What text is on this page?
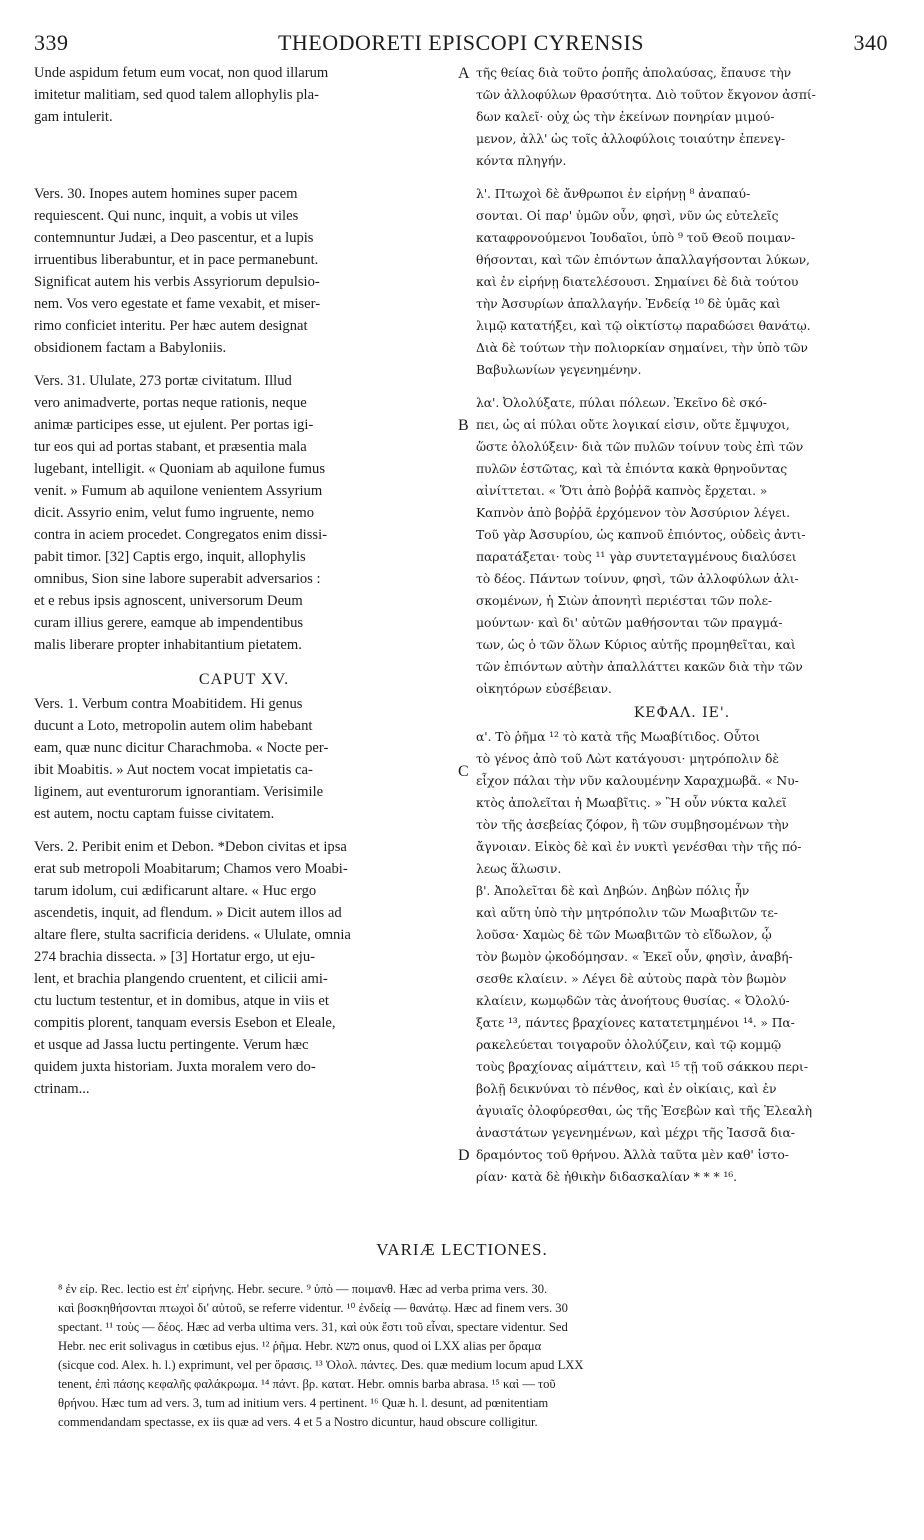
339	THEODORETI EPISCOPI CYRENSIS	340
A
B
C
D
Unde aspidum fetum eum vocat, non quod illarum
imitetur malitiam, sed quod talem allophylis pla-
gam intulerit.
Vers. 30. Inopes autem homines super pacem
requiescent. Qui nunc, inquit, a vobis ut viles
contemnuntur Judæi, a Deo pascentur, et a lupis
irruentibus liberabuntur, et in pace permanebunt.
Significat autem his verbis Assyriorum depulsio-
nem. Vos vero egestate et fame vexabit, et miser-
rimo conficiet interitu. Per hæc autem designat
obsidionem factam a Babyloniis.
Vers. 31. Ululate, 273 portæ civitatum. Illud
vero animadverte, portas neque rationis, neque
animæ participes esse, ut ejulent. Per portas igi-
tur eos qui ad portas stabant, et præsentia mala
lugebant, intelligit. « Quoniam ab aquilone fumus
venit. » Fumum ab aquilone venientem Assyrium
dicit. Assyrio enim, velut fumo ingruente, nemo
contra in aciem procedet. Congregatos enim dissi-
pabit timor. [32] Captis ergo, inquit, allophylis
omnibus, Sion sine labore superabit adversarios :
et e rebus ipsis agnoscent, universorum Deum
curam illius gerere, eamque ab impendentibus
malis liberare propter inhabitantium pietatem.
CAPUT XV.
Vers. 1. Verbum contra Moabitidem. Hi genus
ducunt a Loto, metropolin autem olim habebant
eam, quæ nunc dicitur Charachmoba. « Nocte per-
ibit Moabitis. » Aut noctem vocat impietatis ca-
liginem, aut eventurorum ignorantiam. Verisimile
est autem, noctu captam fuisse civitatem.
Vers. 2. Peribit enim et Debon. *Debon civitas et ipsa
erat sub metropoli Moabitarum; Chamos vero Moabi-
tarum idolum, cui ædificarunt altare. « Huc ergo
ascendetis, inquit, ad flendum. » Dicit autem illos ad
altare flere, stulta sacrificia deridens. « Ululate, omnia
274 brachia dissecta. » [3] Hortatur ergo, ut eju-
lent, et brachia plangendo cruentent, et cilicii ami-
ctu luctum testentur, et in domibus, atque in viis et
compitis plorent, tanquam eversis Esebon et Eleale,
et usque ad Jassa luctu pertingente. Verum hæc
quidem juxta historiam. Juxta moralem vero do-
ctrinam...
τῆς θείας διὰ τοῦτο ῥοπῆς ἀπολαύσας, ἔπαυσε τὴν
τῶν ἀλλοφύλων θρασύτητα. Διὸ τοῦτον ἔκγονον ἀσπί-
δων καλεῖ· οὐχ ὡς τὴν ἐκείνων πονηρίαν μιμού-
μενον, ἀλλ' ὡς τοῖς ἀλλοφύλοις τοιαύτην ἐπενεγ-
κόντα πληγήν.
λ'. Πτωχοὶ δὲ ἄνθρωποι ἐν εἰρήνῃ ⁸ ἀναπαύ-
σονται. Οἱ παρ' ὑμῶν οὖν, φησὶ, νῦν ὡς εὐτελεῖς
καταφρονούμενοι Ἰουδαῖοι, ὑπὸ ⁹ τοῦ Θεοῦ ποιμαν-
θήσονται, καὶ τῶν ἐπιόντων ἀπαλλαγήσονται λύκων,
καὶ ἐν εἰρήνῃ διατελέσουσι. Σημαίνει δὲ διὰ τούτου
τὴν Ἀσσυρίων ἀπαλλαγήν. Ἐνδείᾳ ¹⁰ δὲ ὑμᾶς καὶ
λιμῷ κατατήξει, καὶ τῷ οἰκτίστῳ παραδώσει θανάτῳ.
Διὰ δὲ τούτων τὴν πολιορκίαν σημαίνει, τὴν ὑπὸ τῶν
Βαβυλωνίων γεγενημένην.
λα'. Ὀλολύξατε, πύλαι πόλεων. Ἐκεῖνο δὲ σκό-
πει, ὡς αἱ πύλαι οὔτε λογικαί εἰσιν, οὔτε ἔμψυχοι,
ὥστε ὀλολύξειν· διὰ τῶν πυλῶν τοίνυν τοὺς ἐπὶ τῶν
πυλῶν ἑστῶτας, καὶ τὰ ἐπιόντα κακὰ θρηνοῦντας
αἰνίττεται. « Ὅτι ἀπὸ βοῤῥᾶ καπνὸς ἔρχεται. »
Καπνὸν ἀπὸ βοῤῥᾶ ἐρχόμενον τὸν Ἀσσύριον λέγει.
Τοῦ γὰρ Ἀσσυρίου, ὡς καπνοῦ ἐπιόντος, οὐδεὶς ἀντι-
παρατάξεται· τοὺς ¹¹ γὰρ συντεταγμένους διαλύσει
τὸ δέος. Πάντων τοίνυν, φησὶ, τῶν ἀλλοφύλων ἁλι-
σκομένων, ἡ Σιὼν ἀπονητὶ περιέσται τῶν πολε-
μούντων· καὶ δι' αὐτῶν μαθήσονται τῶν πραγμά-
των, ὡς ὁ τῶν ὅλων Κύριος αὐτῆς προμηθεῖται, καὶ
τῶν ἐπιόντων αὐτὴν ἀπαλλάττει κακῶν διὰ τὴν τῶν
οἰκητόρων εὐσέβειαν.
ΚΕΦΑΛ. ΙΕ'.
α'. Τὸ ῥῆμα ¹² τὸ κατὰ τῆς Μωαβίτιδος. Οὗτοι
τὸ γένος ἀπὸ τοῦ Λὼτ κατάγουσι· μητρόπολιν δὲ
εἶχον πάλαι τὴν νῦν καλουμένην Χαραχμωβᾶ. « Νυ-
κτὸς ἀπολεῖται ἡ Μωαβῖτις. » Ἢ οὖν νύκτα καλεῖ
τὸν τῆς ἀσεβείας ζόφον, ἢ τῶν συμβησομένων τὴν
ἄγνοιαν. Εἰκὸς δὲ καὶ ἐν νυκτὶ γενέσθαι τὴν τῆς πό-
λεως ἅλωσιν.
β'. Ἀπολεῖται δὲ καὶ Δηβών. Δηβὼν πόλις ἦν
καὶ αὕτη ὑπὸ τὴν μητρόπολιν τῶν Μωαβιτῶν τε-
λοῦσα· Χαμὼς δὲ τῶν Μωαβιτῶν τὸ εἴδωλον, ᾧ
τὸν βωμὸν ᾠκοδόμησαν. « Ἐκεῖ οὖν, φησὶν, ἀναβή-
σεσθε κλαίειν. » Λέγει δὲ αὐτοὺς παρὰ τὸν βωμὸν
κλαίειν, κωμῳδῶν τὰς ἀνοήτους θυσίας. « Ὀλολύ-
ξατε ¹³, πάντες βραχίονες κατατετμημένοι ¹⁴. » Πα-
ρακελεύεται τοιγαροῦν ὀλολύζειν, καὶ τῷ κομμῷ
τοὺς βραχίονας αἱμάττειν, καὶ ¹⁵ τῇ τοῦ σάκκου περι-
βολῇ δεικνύναι τὸ πένθος, καὶ ἐν οἰκίαις, καὶ ἐν
ἀγυιαῖς ὀλοφύρεσθαι, ὡς τῆς Ἐσεβὼν καὶ τῆς Ἐλεαλὴ
ἀναστάτων γεγενημένων, καὶ μέχρι τῆς Ἰασσᾶ δια-
δραμόντος τοῦ θρήνου. Ἀλλὰ ταῦτα μὲν καθ' ἱστο-
ρίαν· κατὰ δὲ ἠθικὴν διδασκαλίαν * * * ¹⁶.
VARIÆ LECTIONES.
⁸ ἐν εἰρ. Rec. lectio est ἐπ' εἰρήνης. Hebr. secure. ⁹ ὑπὸ — ποιμανθ. Hæc ad verba prima vers. 30.
καὶ βοσκηθήσονται πτωχοὶ δι' αὐτοῦ, se referre videntur. ¹⁰ ἐνδείᾳ — θανάτῳ. Hæc ad finem vers. 30
spectant. ¹¹ τοὺς — δέος. Hæc ad verba ultima vers. 31, καὶ οὐκ ἔστι τοῦ εἶναι, spectare videntur. Sed
Hebr. nec erit solivagus in cœtibus ejus. ¹² ῥῆμα. Hebr. משא onus, quod οἱ LXX alias per ὅραμα
(sicque cod. Alex. h. l.) exprimunt, vel per ὅρασις. ¹³ Ὀλολ. πάντες. Des. quæ medium locum apud LXX
tenent, ἐπὶ πάσης κεφαλῆς φαλάκρωμα. ¹⁴ πάντ. βρ. κατατ. Hebr. omnis barba abrasa. ¹⁵ καὶ — τοῦ
θρήνου. Hæc tum ad vers. 3, tum ad initium vers. 4 pertinent. ¹⁶ Quæ h. l. desunt, ad pœnitentiam
commendandam spectasse, ex iis quæ ad vers. 4 et 5 a Nostro dicuntur, haud obscure colligitur.
